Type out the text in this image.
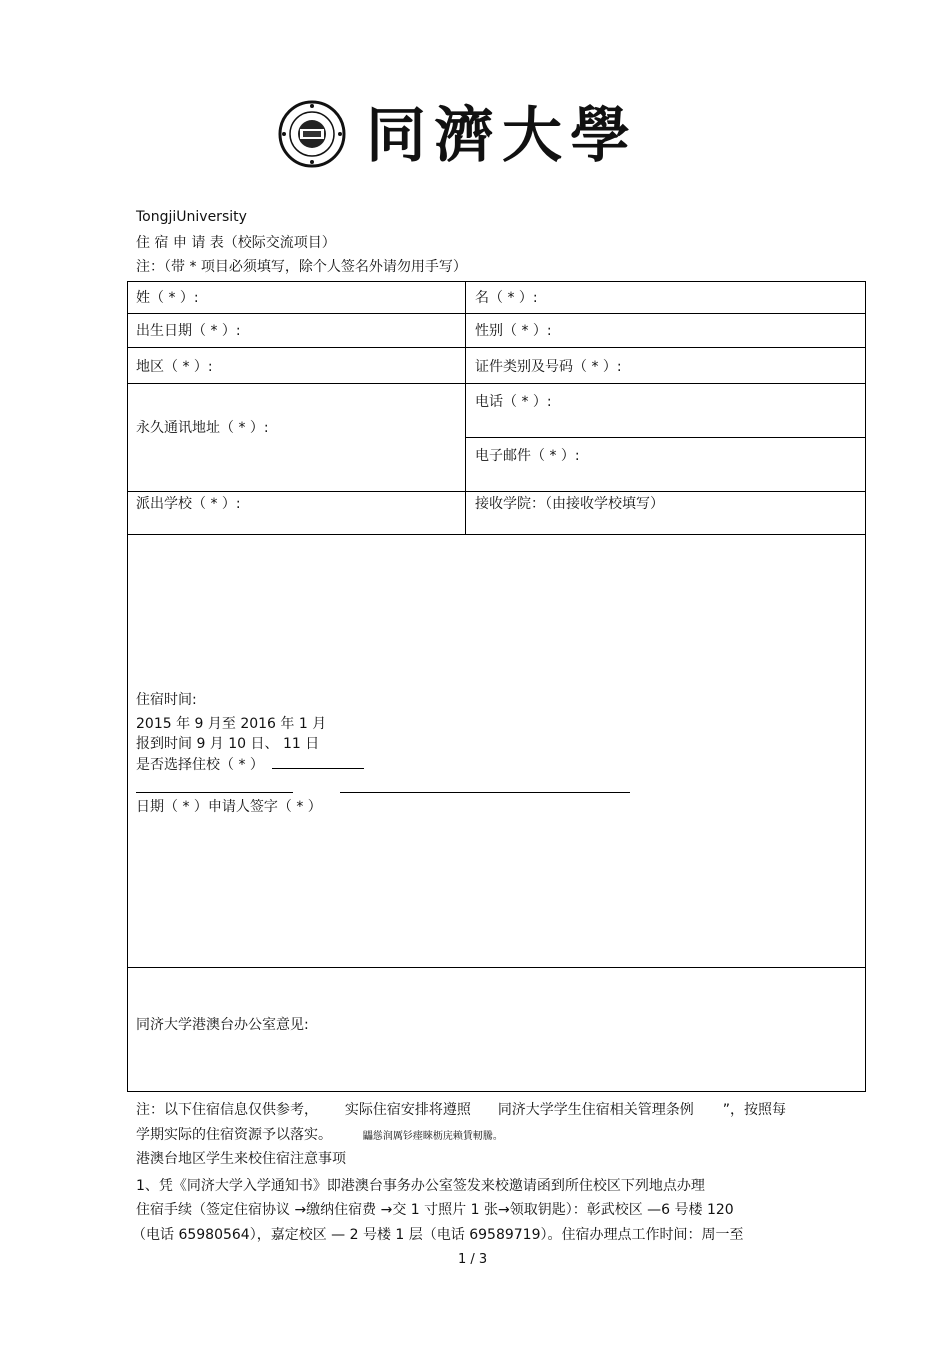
同濟大學
TongjiUniversity
住 宿 申 请 表（校际交流项目）
注：（带 * 项目必须填写，除个人签名外请勿用手写）
姓（ * ）:	名（ * ）:
出生日期（ * ）:	性别（ * ）:
地区（ * ）:	证件类别及号码（ * ）:
永久通讯地址（ * ）:
电话（ * ）:
电子邮件（ * ）:
派出学校（ * ）:	接收学院：（由接收学校填写）
住宿时间:
2015 年 9 月至 2016 年 1 月
报到时间 9 月 10 日、 11 日
是否选择住校（ * ）
日期（ * ）申请人签字（ * ）
同济大学港澳台办公室意见:
注：以下住宿信息仅供参考， 实际住宿安排将遵照 同济大学学生住宿相关管理条例 ”，按照每
学期实际的住宿资源予以落实。	鼺慫润厲钐瘗睞枥庑赖賃軔騰。
港澳台地区学生来校住宿注意事项
1、凭《同济大学入学通知书》即港澳台事务办公室签发来校邀请函到所住校区下列地点办理
住宿手续（签定住宿协议 →缴纳住宿费 →交 1 寸照片 1 张→领取钥匙）：彰武校区 —6 号楼 120
（电话 65980564），嘉定校区 — 2 号楼 1 层（电话 69589719）。住宿办理点工作时间：周一至
1 / 3
